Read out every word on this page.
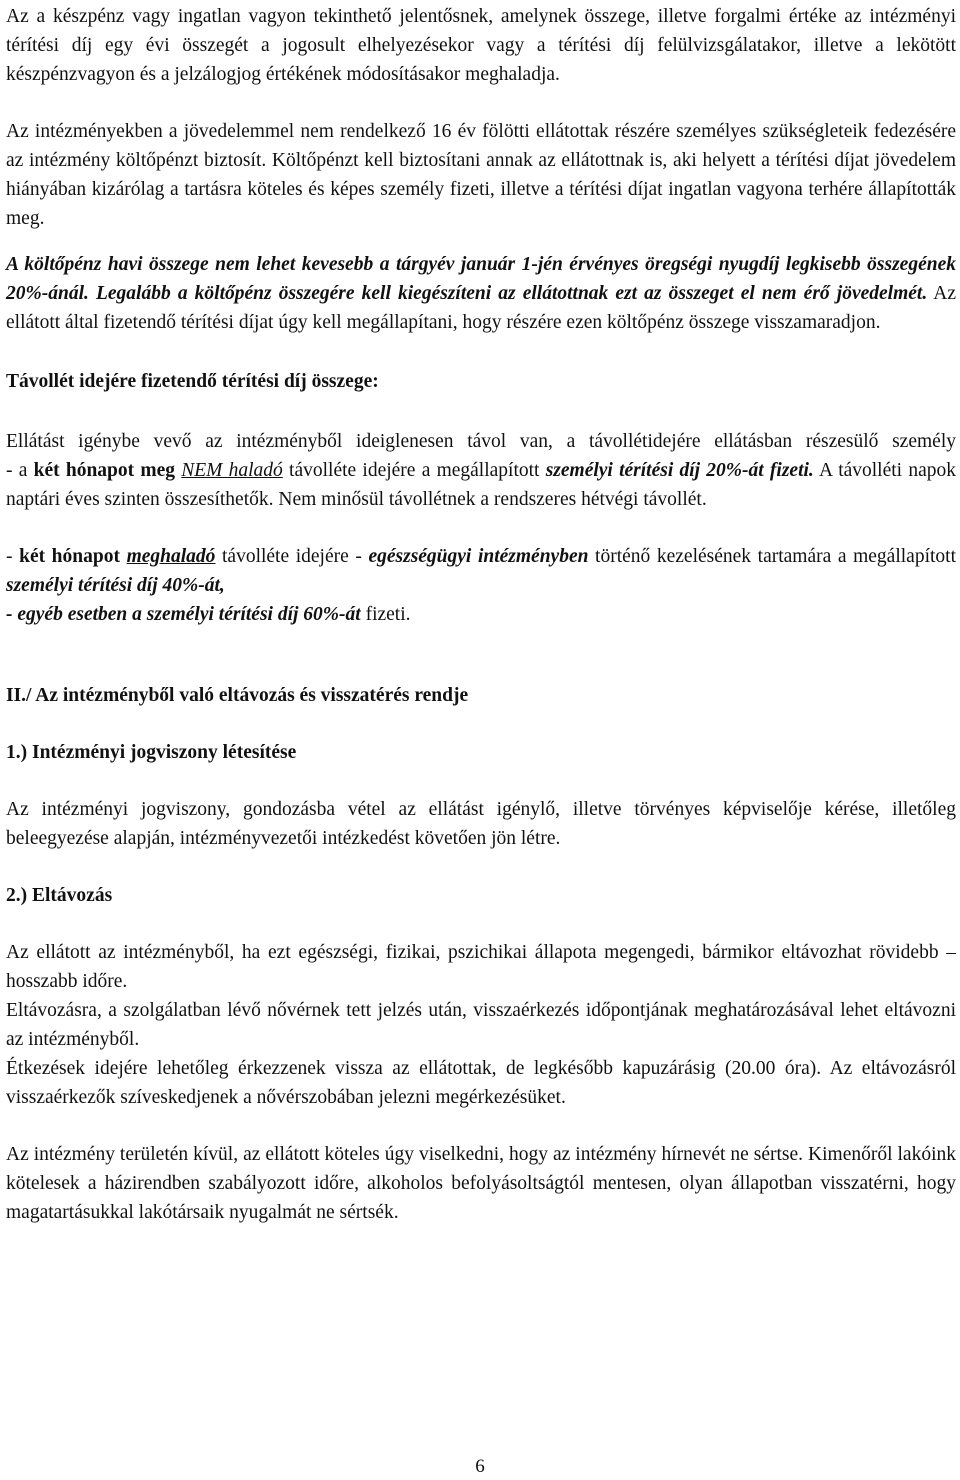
Az a készpénz vagy ingatlan vagyon tekinthető jelentősnek, amelynek összege, illetve forgalmi értéke az intézményi térítési díj egy évi összegét a jogosult elhelyezésekor vagy a térítési díj felülvizsgálatakor, illetve a lekötött készpénzvagyon és a jelzálogjog értékének módosításakor meghaladja.

Az intézményekben a jövedelemmel nem rendelkező 16 év fölötti ellátottak részére személyes szükségleteik fedezésére az intézmény költőpénzt biztosít. Költőpénzt kell biztosítani annak az ellátottnak is, aki helyett a térítési díjat jövedelem hiányában kizárólag a tartásra köteles és képes személy fizeti, illetve a térítési díjat ingatlan vagyona terhére állapították meg.

A költőpénz havi összege nem lehet kevesebb a tárgyév január 1-jén érvényes öregségi nyugdíj legkisebb összegének 20%-ánál. Legalább a költőpénz összegére kell kiegészíteni az ellátottnak ezt az összeget el nem érő jövedelmét. Az ellátott által fizetendő térítési díjat úgy kell megállapítani, hogy részére ezen költőpénz összege visszamaradjon.

Távollét idejére fizetendő térítési díj összege:

Ellátást igénybe vevő az intézményből ideiglenesen távol van, a távollétidejére ellátásban részesülő személy

- a két hónapot meg NEM haladó távolléte idejére a megállapított személyi térítési díj 20%-át fizeti. A távolléti napok naptári éves szinten összesíthetők. Nem minősül távollétnek a rendszeres hétvégi távollét.

- két hónapot meghaladó távolléte idejére - egészségügyi intézményben történő kezelésének tartamára a megállapított személyi térítési díj 40%-át,
- egyéb esetben a személyi térítési díj 60%-át fizeti.

II./ Az intézményből való eltávozás és visszatérés rendje

1.) Intézményi jogviszony létesítése

Az intézményi jogviszony, gondozásba vétel az ellátást igénylő, illetve törvényes képviselője kérése, illetőleg beleegyezése alapján, intézményvezetői intézkedést követően jön létre.

2.) Eltávozás

Az ellátott az intézményből, ha ezt egészségi, fizikai, pszichikai állapota megengedi, bármikor eltávozhat rövidebb – hosszabb időre.

Eltávozásra, a szolgálatban lévő nővérnek tett jelzés után, visszaérkezés időpontjának meghatározásával lehet eltávozni az intézményből.

Étkezések idejére lehetőleg érkezzenek vissza az ellátottak, de legkésőbb kapuzárásig (20.00 óra). Az eltávozásról visszaérkezők szíveskedjenek a nővérszobában jelezni megérkezésüket.

Az intézmény területén kívül, az ellátott köteles úgy viselkedni, hogy az intézmény hírnevét ne sértse. Kimenőről lakóink kötelesek a házirendben szabályozott időre, alkoholos befolyásoltságtól mentesen, olyan állapotban visszatérni, hogy magatartásukkal lakótársaik nyugalmát ne sértsék.

6
